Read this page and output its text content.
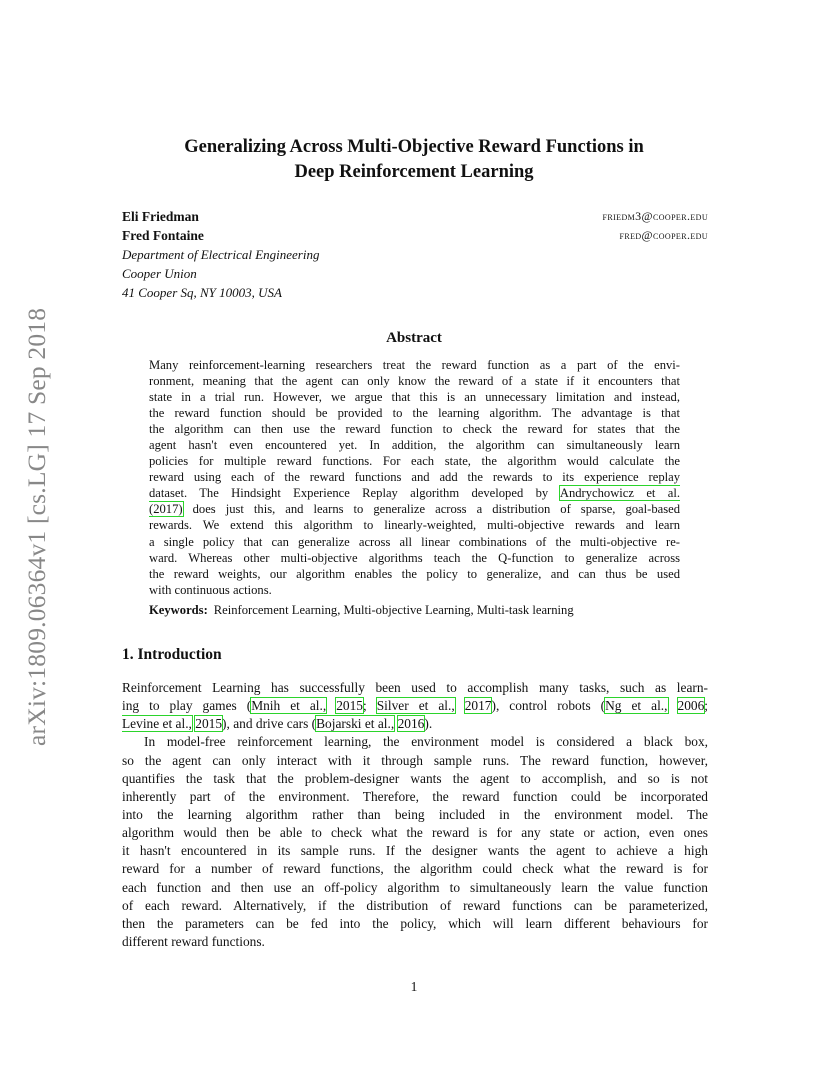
arXiv:1809.06364v1 [cs.LG] 17 Sep 2018
Generalizing Across Multi-Objective Reward Functions in
Deep Reinforcement Learning
Eli Friedman	friedm3@cooper.edu
Fred Fontaine	fred@cooper.edu
Department of Electrical Engineering
Cooper Union
41 Cooper Sq, NY 10003, USA
Abstract
Many reinforcement-learning researchers treat the reward function as a part of the envi-
ronment, meaning that the agent can only know the reward of a state if it encounters that
state in a trial run. However, we argue that this is an unnecessary limitation and instead,
the reward function should be provided to the learning algorithm. The advantage is that
the algorithm can then use the reward function to check the reward for states that the
agent hasn't even encountered yet. In addition, the algorithm can simultaneously learn
policies for multiple reward functions. For each state, the algorithm would calculate the
reward using each of the reward functions and add the rewards to its experience replay
dataset. The Hindsight Experience Replay algorithm developed by Andrychowicz et al.
(2017) does just this, and learns to generalize across a distribution of sparse, goal-based
rewards. We extend this algorithm to linearly-weighted, multi-objective rewards and learn
a single policy that can generalize across all linear combinations of the multi-objective re-
ward. Whereas other multi-objective algorithms teach the Q-function to generalize across
the reward weights, our algorithm enables the policy to generalize, and can thus be used
with continuous actions.
Keywords: Reinforcement Learning, Multi-objective Learning, Multi-task learning
1. Introduction
Reinforcement Learning has successfully been used to accomplish many tasks, such as learn-
ing to play games (Mnih et al., 2015; Silver et al., 2017), control robots (Ng et al., 2006;
Levine et al., 2015), and drive cars (Bojarski et al., 2016).
In model-free reinforcement learning, the environment model is considered a black box,
so the agent can only interact with it through sample runs. The reward function, however,
quantifies the task that the problem-designer wants the agent to accomplish, and so is not
inherently part of the environment. Therefore, the reward function could be incorporated
into the learning algorithm rather than being included in the environment model. The
algorithm would then be able to check what the reward is for any state or action, even ones
it hasn't encountered in its sample runs. If the designer wants the agent to achieve a high
reward for a number of reward functions, the algorithm could check what the reward is for
each function and then use an off-policy algorithm to simultaneously learn the value function
of each reward. Alternatively, if the distribution of reward functions can be parameterized,
then the parameters can be fed into the policy, which will learn different behaviours for
different reward functions.
1
